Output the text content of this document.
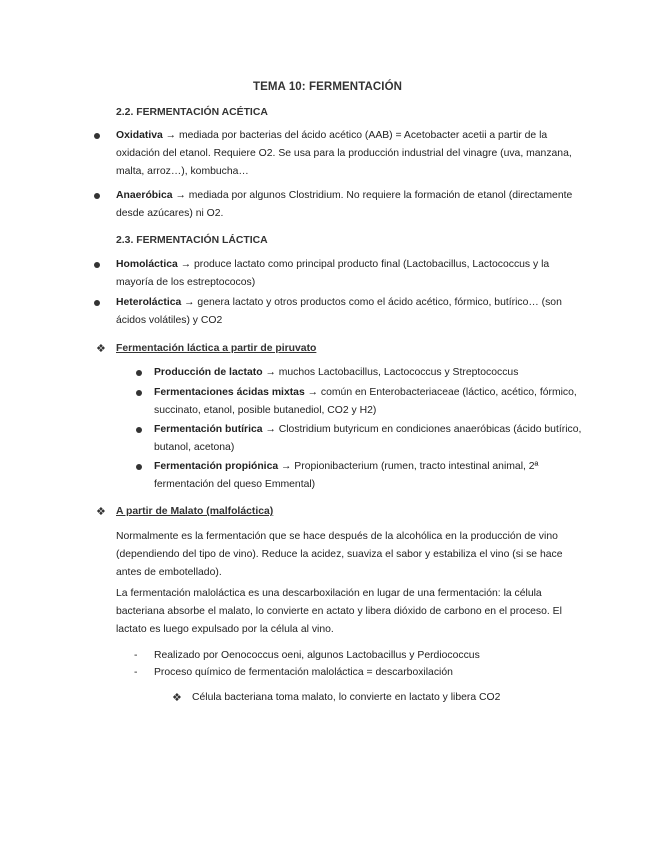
TEMA 10: FERMENTACIÓN
2.2. FERMENTACIÓN ACÉTICA
Oxidativa → mediada por bacterias del ácido acético (AAB) = Acetobacter acetii a partir de la oxidación del etanol. Requiere O2. Se usa para la producción industrial del vinagre (uva, manzana, malta, arroz…), kombucha…
Anaeróbica → mediada por algunos Clostridium. No requiere la formación de etanol (directamente desde azúcares) ni O2.
2.3. FERMENTACIÓN LÁCTICA
Homoláctica → produce lactato como principal producto final (Lactobacillus, Lactococcus y la mayoría de los estreptococos)
Heteroláctica → genera lactato y otros productos como el ácido acético, fórmico, butírico… (son ácidos volátiles) y CO2
❖ Fermentación láctica a partir de piruvato
Producción de lactato → muchos Lactobacillus, Lactococcus y Streptococcus
Fermentaciones ácidas mixtas → común en Enterobacteriaceae (láctico, acético, fórmico, succinato, etanol, posible butanediol, CO2 y H2)
Fermentación butírica → Clostridium butyricum en condiciones anaeróbicas (ácido butírico, butanol, acetona)
Fermentación propiónica → Propionibacterium (rumen, tracto intestinal animal, 2ª fermentación del queso Emmental)
❖ A partir de Malato (malfoláctica)
Normalmente es la fermentación que se hace después de la alcohólica en la producción de vino (dependiendo del tipo de vino). Reduce la acidez, suaviza el sabor y estabiliza el vino (si se hace antes de embotellado).
La fermentación maloláctica es una descarboxilación en lugar de una fermentación: la célula bacteriana absorbe el malato, lo convierte en actato y libera dióxido de carbono en el proceso. El lactato es luego expulsado por la célula al vino.
- Realizado por Oenococcus oeni, algunos Lactobacillus y Perdiococcus
- Proceso químico de fermentación maloláctica = descarboxilación
❖ Célula bacteriana toma malato, lo convierte en lactato y libera CO2
